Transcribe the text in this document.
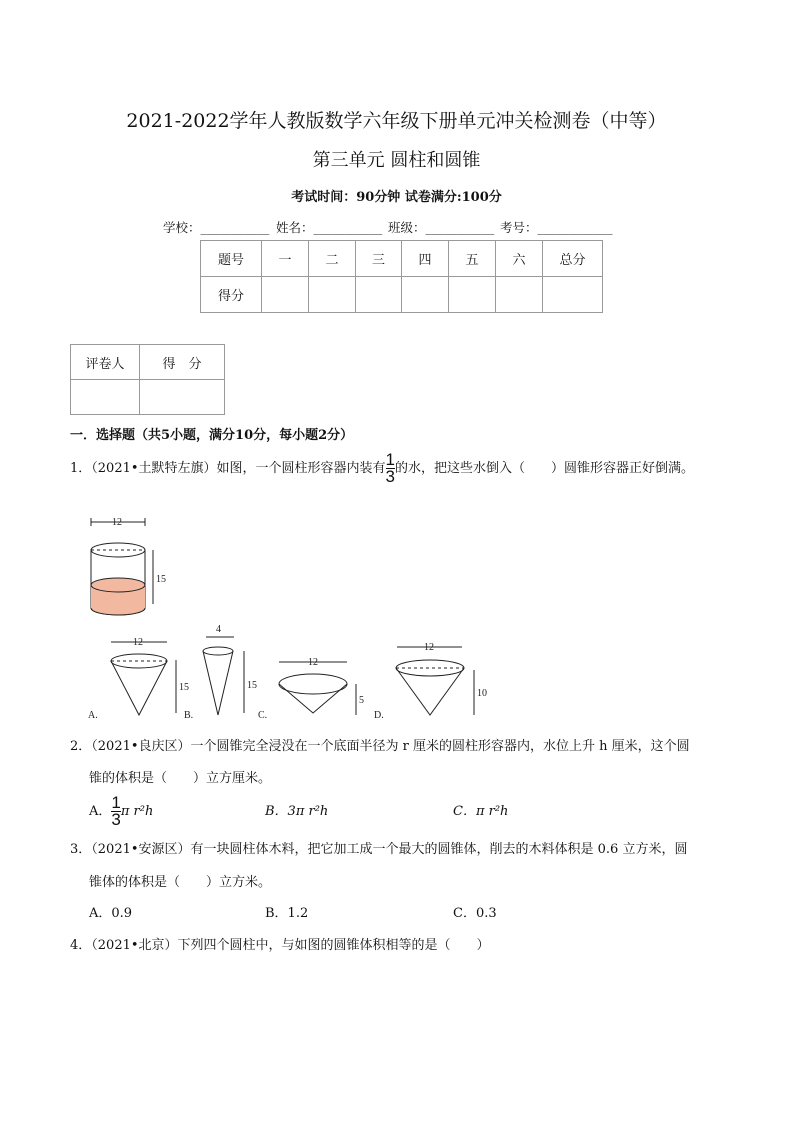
2021-2022学年人教版数学六年级下册单元冲关检测卷（中等）
第三单元 圆柱和圆锥
考试时间：90分钟 试卷满分:100分
学校：___________ 姓名：___________ 班级：___________ 考号：____________
题号	一	二	三	四	五	六	总分
得分							
评卷人	得　分

一．选择题（共5小题，满分10分，每小题2分）
1．（2021•土默特左旗）如图，一个圆柱形容器内装有 $\frac{1}{3}$ 的水，把这些水倒入（　　）圆锥形容器正好倒满。
12
15
12
15
A.
4
15
B.
12
5
C.
12
10
D.
2．（2021•良庆区）一个圆锥完全浸没在一个底面半径为 r 厘米的圆柱形容器内，水位上升 h 厘米，这个圆
锥的体积是（　　）立方厘米。
A． $\frac{1}{3}$ π r²h	B．3π r²h	C．π r²h
3．（2021•安源区）有一块圆柱体木料，把它加工成一个最大的圆锥体，削去的木料体积是 0.6 立方米，圆
锥体的体积是（　　）立方米。
A．0.9	B．1.2	C．0.3
4．（2021•北京）下列四个圆柱中，与如图的圆锥体积相等的是（　　）
